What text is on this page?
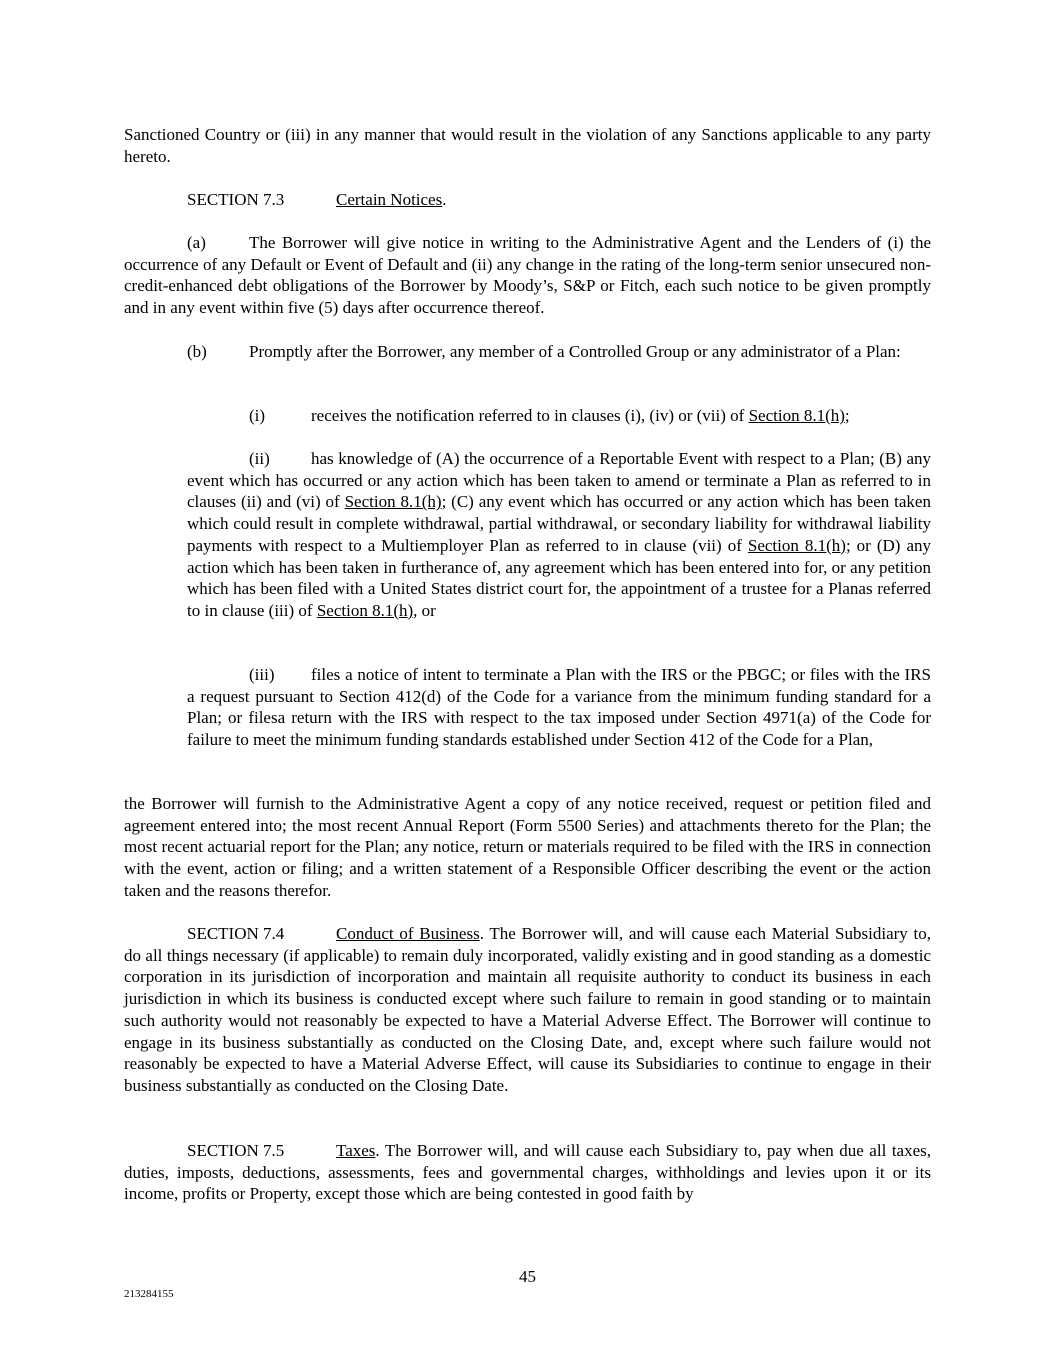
Sanctioned Country or (iii) in any manner that would result in the violation of any Sanctions applicable to any party hereto.

SECTION 7.3	Certain Notices.

(a)	The Borrower will give notice in writing to the Administrative Agent and the Lenders of (i) the occurrence of any Default or Event of Default and (ii) any change in the rating of the long-term senior unsecured non-credit-enhanced debt obligations of the Borrower by Moody’s, S&P or Fitch, each such notice to be given promptly and in any event within five (5) days after occurrence thereof.

(b) Promptly after the Borrower, any member of a Controlled Group or any administrator of a Plan:

(i)	receives the notification referred to in clauses (i), (iv) or (vii) of Section 8.1(h);

(ii) has knowledge of (A) the occurrence of a Reportable Event with respect to a Plan; (B) any event which has occurred or any action which has been taken to amend or terminate a Plan as referred to in clauses (ii) and (vi) of Section 8.1(h); (C) any event which has occurred or any action which has been taken which could result in complete withdrawal, partial withdrawal, or secondary liability for withdrawal liability payments with respect to a Multiemployer Plan as referred to in clause (vii) of Section 8.1(h); or (D) any action which has been taken in furtherance of, any agreement which has been entered into for, or any petition which has been filed with a United States district court for, the appointment of a trustee for a Planas referred to in clause (iii) of Section 8.1(h), or

(iii) files a notice of intent to terminate a Plan with the IRS or the PBGC; or files with the IRS a request pursuant to Section 412(d) of the Code for a variance from the minimum funding standard for a Plan; or filesa return with the IRS with respect to the tax imposed under Section 4971(a) of the Code for failure to meet the minimum funding standards established under Section 412 of the Code for a Plan,

the Borrower will furnish to the Administrative Agent a copy of any notice received, request or petition filed and agreement entered into; the most recent Annual Report (Form 5500 Series) and attachments thereto for the Plan; the most recent actuarial report for the Plan; any notice, return or materials required to be filed with the IRS in connection with the event, action or filing; and a written statement of a Responsible Officer describing the event or the action taken and the reasons therefor.

SECTION 7.4	Conduct of Business. The Borrower will, and will cause each Material Subsidiary to, do all things necessary (if applicable) to remain duly incorporated, validly existing and in good standing as a domestic corporation in its jurisdiction of incorporation and maintain all requisite authority to conduct its business in each jurisdiction in which its business is conducted except where such failure to remain in good standing or to maintain such authority would not reasonably be expected to have a Material Adverse Effect. The Borrower will continue to engage in its business substantially as conducted on the Closing Date, and, except where such failure would not reasonably be expected to have a Material Adverse Effect, will cause its Subsidiaries to continue to engage in their business substantially as conducted on the Closing Date.

SECTION 7.5	Taxes. The Borrower will, and will cause each Subsidiary to, pay when due all taxes, duties, imposts, deductions, assessments, fees and governmental charges, withholdings and levies upon it or its income, profits or Property, except those which are being contested in good faith by

45

213284155
